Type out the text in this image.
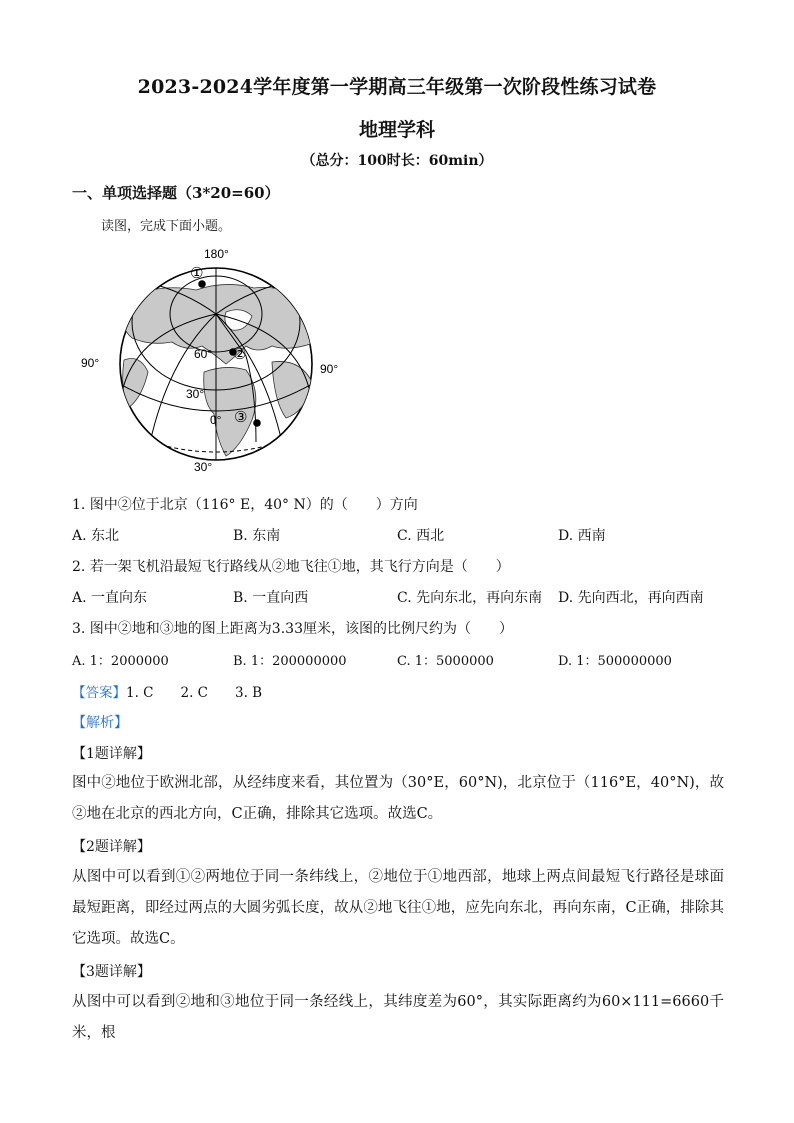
2023-2024学年度第一学期高三年级第一次阶段性练习试卷
地理学科
（总分：100时长：60min）
一、单项选择题（3*20=60）
读图，完成下面小题。
180°
90°	90°
60°
30°
0°
30°
①
②
③
1. 图中②位于北京（116° E，40° N）的（　　）方向
A. 东北	B. 东南	C. 西北	D. 西南
2. 若一架飞机沿最短飞行路线从②地飞往①地，其飞行方向是（　　）
A. 一直向东	B. 一直向西	C. 先向东北，再向东南 D. 先向西北，再向西南
3. 图中②地和③地的图上距离为3.33厘米，该图的比例尺约为（　　）
A. 1：2000000	B. 1：200000000	C. 1：5000000	D. 1：500000000
【答案】1. C　　2. C　　3. B
【解析】
【1题详解】
图中②地位于欧洲北部，从经纬度来看，其位置为（30°E，60°N)，北京位于（116°E，40°N)，故②地在北京的西北方向，C正确，排除其它选项。故选C。
【2题详解】
从图中可以看到①②两地位于同一条纬线上，②地位于①地西部，地球上两点间最短飞行路径是球面最短距离，即经过两点的大圆劣弧长度，故从②地飞往①地，应先向东北，再向东南，C正确，排除其它选项。故选C。
【3题详解】
从图中可以看到②地和③地位于同一条经线上，其纬度差为60°，其实际距离约为60×111=6660千米，根
